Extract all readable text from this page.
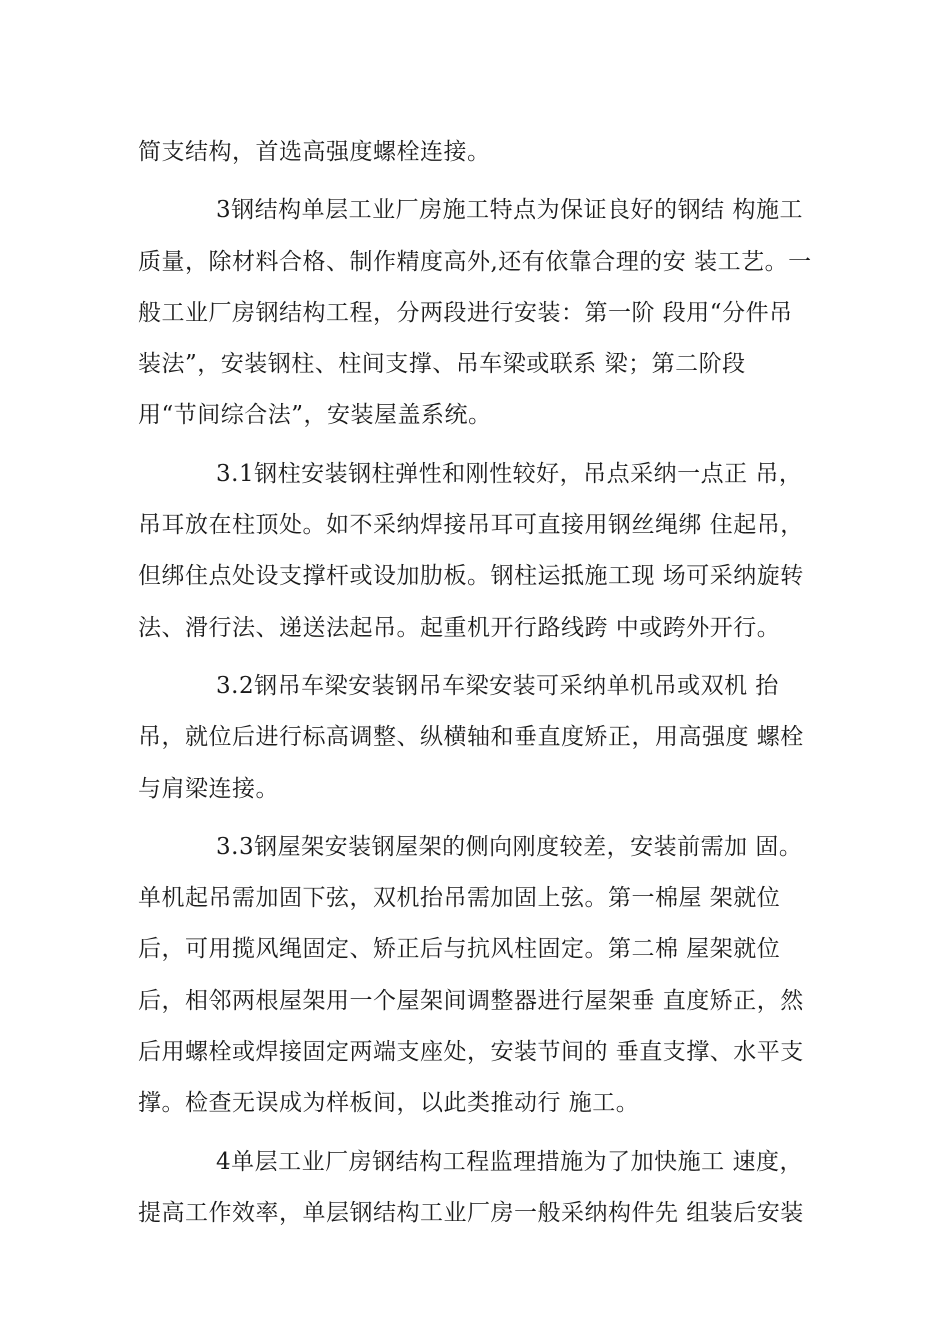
简支结构，首选高强度螺栓连接。
3钢结构单层工业厂房施工特点为保证良好的钢结 构施工
质量，除材料合格、制作精度高外,还有依靠合理的安 装工艺。一
般工业厂房钢结构工程，分两段进行安装：第一阶 段用“分件吊
装法”，安装钢柱、柱间支撑、吊车梁或联系 梁；第二阶段
用“节间综合法”，安装屋盖系统。
3.1钢柱安装钢柱弹性和刚性较好，吊点采纳一点正 吊，
吊耳放在柱顶处。如不采纳焊接吊耳可直接用钢丝绳绑 住起吊，
但绑住点处设支撑杆或设加肋板。钢柱运抵施工现 场可采纳旋转
法、滑行法、递送法起吊。起重机开行路线跨 中或跨外开行。
3.2钢吊车梁安装钢吊车梁安装可采纳单机吊或双机 抬
吊，就位后进行标高调整、纵横轴和垂直度矫正，用高强度 螺栓
与肩梁连接。
3.3钢屋架安装钢屋架的侧向刚度较差，安装前需加 固。
单机起吊需加固下弦，双机抬吊需加固上弦。第一棉屋 架就位
后，可用揽风绳固定、矫正后与抗风柱固定。第二棉 屋架就位
后，相邻两根屋架用一个屋架间调整器进行屋架垂 直度矫正，然
后用螺栓或焊接固定两端支座处，安装节间的 垂直支撑、水平支
撑。检查无误成为样板间，以此类推动行 施工。
4单层工业厂房钢结构工程监理措施为了加快施工 速度，
提高工作效率，单层钢结构工业厂房一般采纳构件先 组装后安装
